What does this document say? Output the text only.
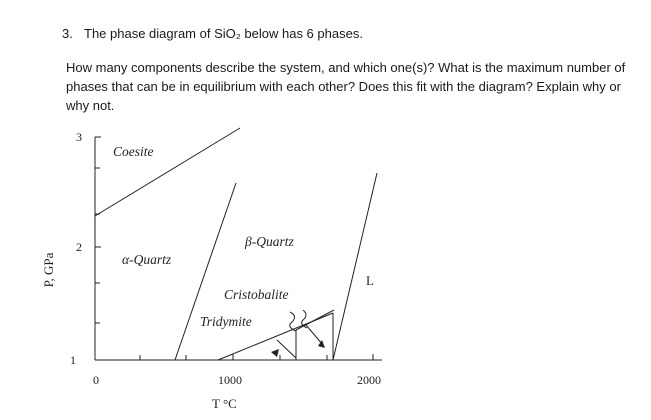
3. The phase diagram of SiO₂ below has 6 phases.
How many components describe the system, and which one(s)? What is the maximum number of phases that can be in equilibrium with each other? Does this fit with the diagram? Explain why or why not.
3
2
1
0	1000	2000
P, GPa
T °C
Coesite
α-Quartz
β-Quartz
Cristobalite
Tridymite
L
